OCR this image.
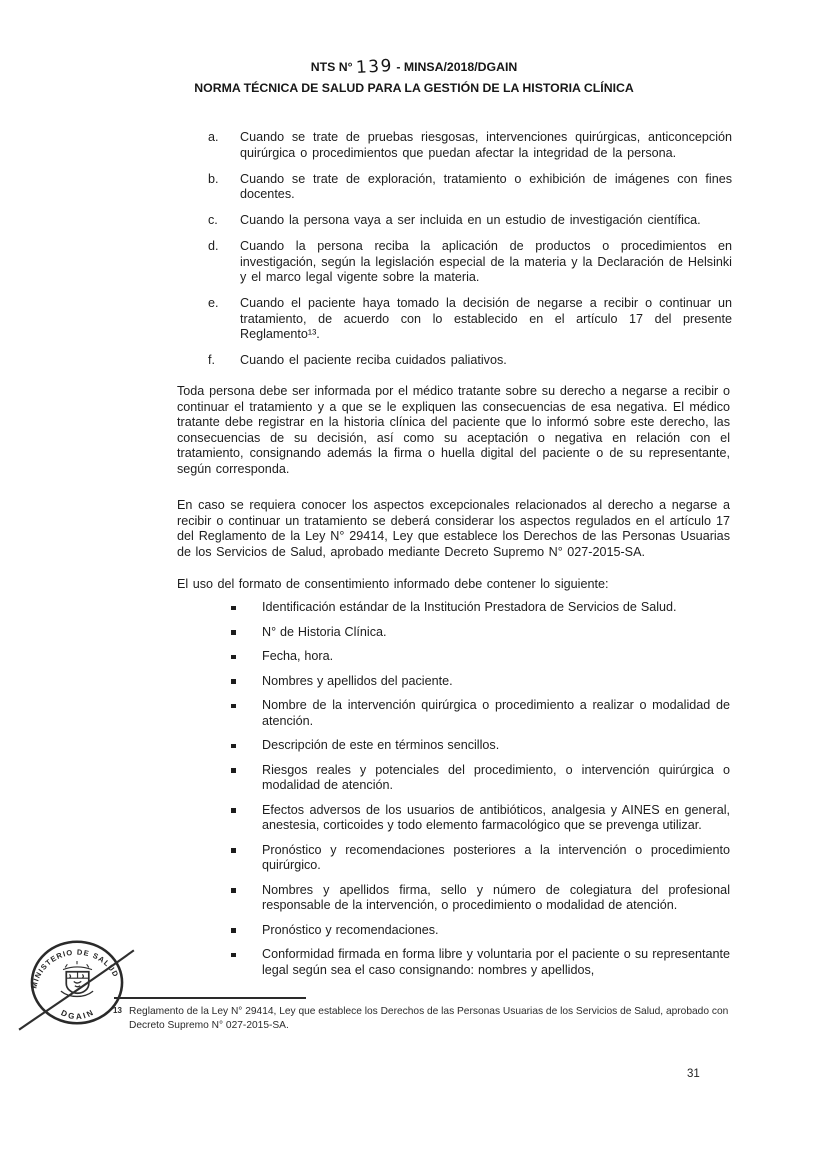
NTS N° 139 - MINSA/2018/DGAIN
NORMA TÉCNICA DE SALUD PARA LA GESTIÓN DE LA HISTORIA CLÍNICA
a.	Cuando se trate de pruebas riesgosas, intervenciones quirúrgicas, anticoncepción quirúrgica o procedimientos que puedan afectar la integridad de la persona.
b.	Cuando se trate de exploración, tratamiento o exhibición de imágenes con fines docentes.
c.	Cuando la persona vaya a ser incluida en un estudio de investigación científica.
d.	Cuando la persona reciba la aplicación de productos o procedimientos en investigación, según la legislación especial de la materia y la Declaración de Helsinki y el marco legal vigente sobre la materia.
e.	Cuando el paciente haya tomado la decisión de negarse a recibir o continuar un tratamiento, de acuerdo con lo establecido en el artículo 17 del presente Reglamento¹³.
f.	Cuando el paciente reciba cuidados paliativos.

Toda persona debe ser informada por el médico tratante sobre su derecho a negarse a recibir o continuar el tratamiento y a que se le expliquen las consecuencias de esa negativa. El médico tratante debe registrar en la historia clínica del paciente que lo informó sobre este derecho, las consecuencias de su decisión, así como su aceptación o negativa en relación con el tratamiento, consignando además la firma o huella digital del paciente o de su representante, según corresponda.

En caso se requiera conocer los aspectos excepcionales relacionados al derecho a negarse a recibir o continuar un tratamiento se deberá considerar los aspectos regulados en el artículo 17 del Reglamento de la Ley N° 29414, Ley que establece los Derechos de las Personas Usuarias de los Servicios de Salud, aprobado mediante Decreto Supremo N° 027-2015-SA.

El uso del formato de consentimiento informado debe contener lo siguiente:

Identificación estándar de la Institución Prestadora de Servicios de Salud.
N° de Historia Clínica.
Fecha, hora.
Nombres y apellidos del paciente.
Nombre de la intervención quirúrgica o procedimiento a realizar o modalidad de atención.
Descripción de este en términos sencillos.
Riesgos reales y potenciales del procedimiento, o intervención quirúrgica o modalidad de atención.
Efectos adversos de los usuarios de antibióticos, analgesia y AINES en general, anestesia, corticoides y todo elemento farmacológico que se prevenga utilizar.
Pronóstico y recomendaciones posteriores a la intervención o procedimiento quirúrgico.
Nombres y apellidos firma, sello y número de colegiatura del profesional responsable de la intervención, o procedimiento o modalidad de atención.
Pronóstico y recomendaciones.
Conformidad firmada en forma libre y voluntaria por el paciente o su representante legal según sea el caso consignando: nombres y apellidos,
MINISTERIO DE SALUD
DGAIN 13 Reglamento de la Ley N° 29414, Ley que establece los Derechos de las Personas Usuarias de los Servicios de Salud, aprobado con Decreto Supremo N° 027-2015-SA.
31
